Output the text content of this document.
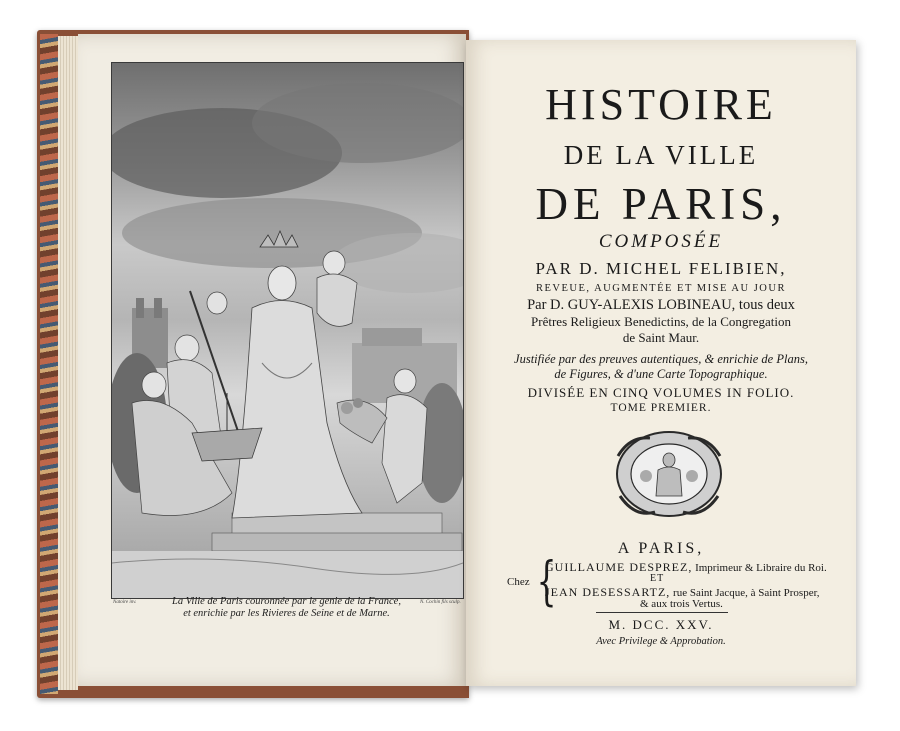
Natoire inv.	N. Cochin fils sculp.
La Ville de Paris couronnée par le genie de la France,
et enrichie par les Rivieres de Seine et de Marne.
HISTOIRE
DE LA VILLE
DE PARIS,
COMPOSÉE
PAR D. MICHEL FELIBIEN,
REVEUE, AUGMENTÉE ET MISE AU JOUR
Par D. GUY-ALEXIS LOBINEAU, tous deux
Prêtres Religieux Benedictins, de la Congregation
de Saint Maur.
Justifiée par des preuves autentiques, & enrichie de Plans,
de Figures, & d'une Carte Topographique.
DIVISÉE EN CINQ VOLUMES IN FOLIO.
TOME PREMIER.
A PARIS,
Chez {
GUILLAUME DESPREZ, Imprimeur & Libraire du Roi.
ET
JEAN DESESSARTZ, rue Saint Jacque, à Saint Prosper,
& aux trois Vertus.
M. DCC. XXV.
Avec Privilege & Approbation.
